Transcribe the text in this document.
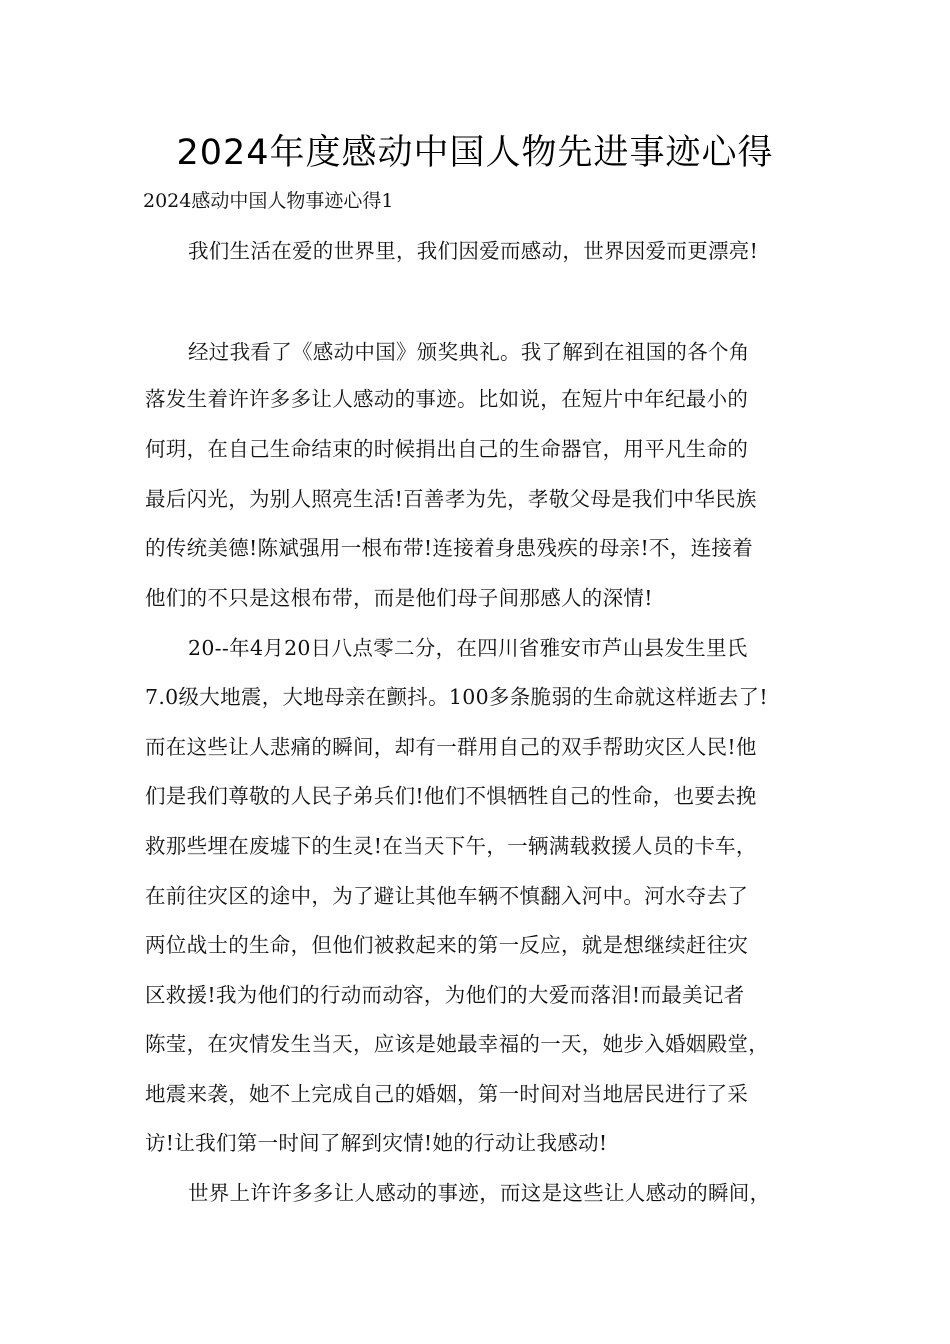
2024年度感动中国人物先进事迹心得
2024感动中国人物事迹心得1
我们生活在爱的世界里，我们因爱而感动，世界因爱而更漂亮!
经过我看了《感动中国》颁奖典礼。我了解到在祖国的各个角
落发生着许许多多让人感动的事迹。比如说，在短片中年纪最小的
何玥，在自己生命结束的时候捐出自己的生命器官，用平凡生命的
最后闪光，为别人照亮生活!百善孝为先，孝敬父母是我们中华民族
的传统美德!陈斌强用一根布带!连接着身患残疾的母亲!不，连接着
他们的不只是这根布带，而是他们母子间那感人的深情!
20--年4月20日八点零二分，在四川省雅安市芦山县发生里氏
7.0级大地震，大地母亲在颤抖。100多条脆弱的生命就这样逝去了!
而在这些让人悲痛的瞬间，却有一群用自己的双手帮助灾区人民!他
们是我们尊敬的人民子弟兵们!他们不惧牺牲自己的性命，也要去挽
救那些埋在废墟下的生灵!在当天下午，一辆满载救援人员的卡车，
在前往灾区的途中，为了避让其他车辆不慎翻入河中。河水夺去了
两位战士的生命，但他们被救起来的第一反应，就是想继续赶往灾
区救援!我为他们的行动而动容，为他们的大爱而落泪!而最美记者
陈莹，在灾情发生当天，应该是她最幸福的一天，她步入婚姻殿堂，
地震来袭，她不上完成自己的婚姻，第一时间对当地居民进行了采
访!让我们第一时间了解到灾情!她的行动让我感动!
世界上许许多多让人感动的事迹，而这是这些让人感动的瞬间，
